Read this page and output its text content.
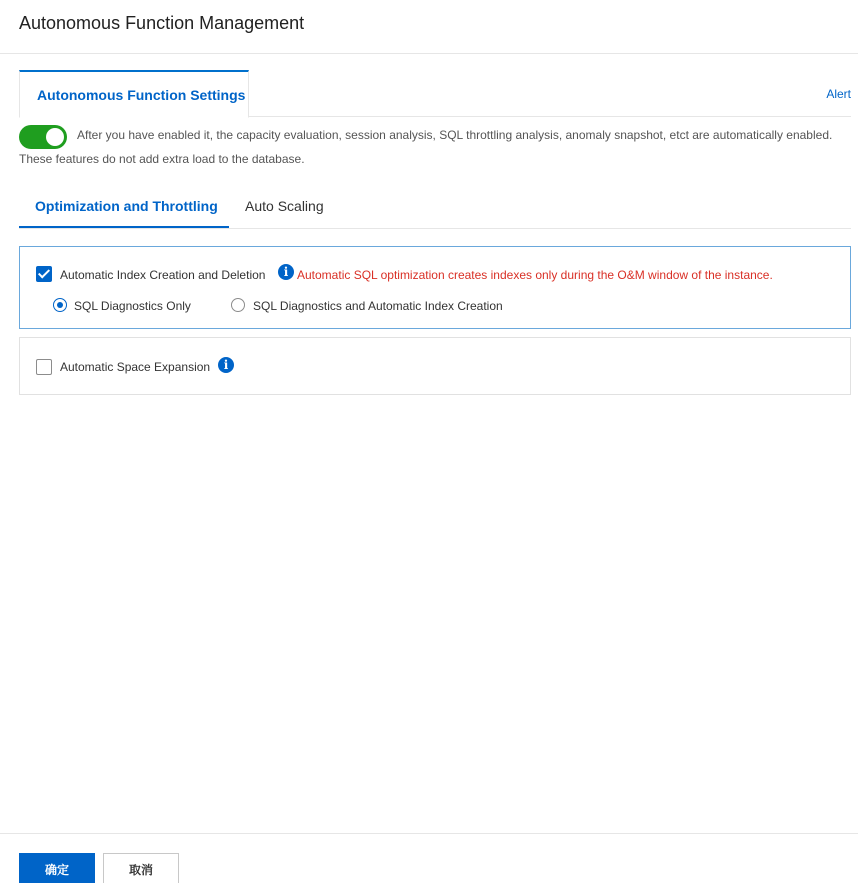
Autonomous Function Management
Autonomous Function Settings	Alert
After you have enabled it, the capacity evaluation, session analysis, SQL throttling analysis, anomaly snapshot, etct are automatically enabled.
These features do not add extra load to the database.
Optimization and Throttling Auto Scaling
Automatic Index Creation and Deletion	i Automatic SQL optimization creates indexes only during the O&M window of the instance.
SQL Diagnostics Only	SQL Diagnostics and Automatic Index Creation
Automatic Space Expansion	i
确定	取消
